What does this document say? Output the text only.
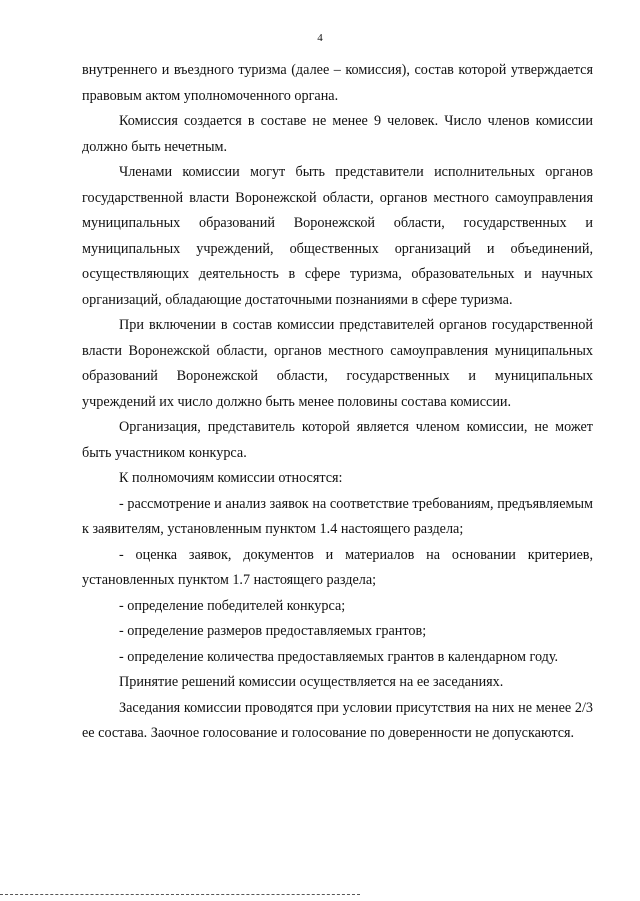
4

внутреннего и въездного туризма (далее – комиссия), состав которой утверждается правовым актом уполномоченного органа.

Комиссия создается в составе не менее 9 человек. Число членов комиссии должно быть нечетным.

Членами комиссии могут быть представители исполнительных органов государственной власти Воронежской области, органов местного самоуправления муниципальных образований Воронежской области, государственных и муниципальных учреждений, общественных организаций и объединений, осуществляющих деятельность в сфере туризма, образовательных и научных организаций, обладающие достаточными познаниями в сфере туризма.

При включении в состав комиссии представителей органов государственной власти Воронежской области, органов местного самоуправления муниципальных образований Воронежской области, государственных и муниципальных учреждений их число должно быть менее половины состава комиссии.

Организация, представитель которой является членом комиссии, не может быть участником конкурса.

К полномочиям комиссии относятся:

- рассмотрение и анализ заявок на соответствие требованиям, предъявляемым к заявителям, установленным пунктом 1.4 настоящего раздела;

- оценка заявок, документов и материалов на основании критериев, установленных пунктом 1.7 настоящего раздела;

- определение победителей конкурса;

- определение размеров предоставляемых грантов;

- определение количества предоставляемых грантов в календарном году.

Принятие решений комиссии осуществляется на ее заседаниях.

Заседания комиссии проводятся при условии присутствия на них не менее 2/3 ее состава. Заочное голосование и голосование по доверенности не допускаются.
